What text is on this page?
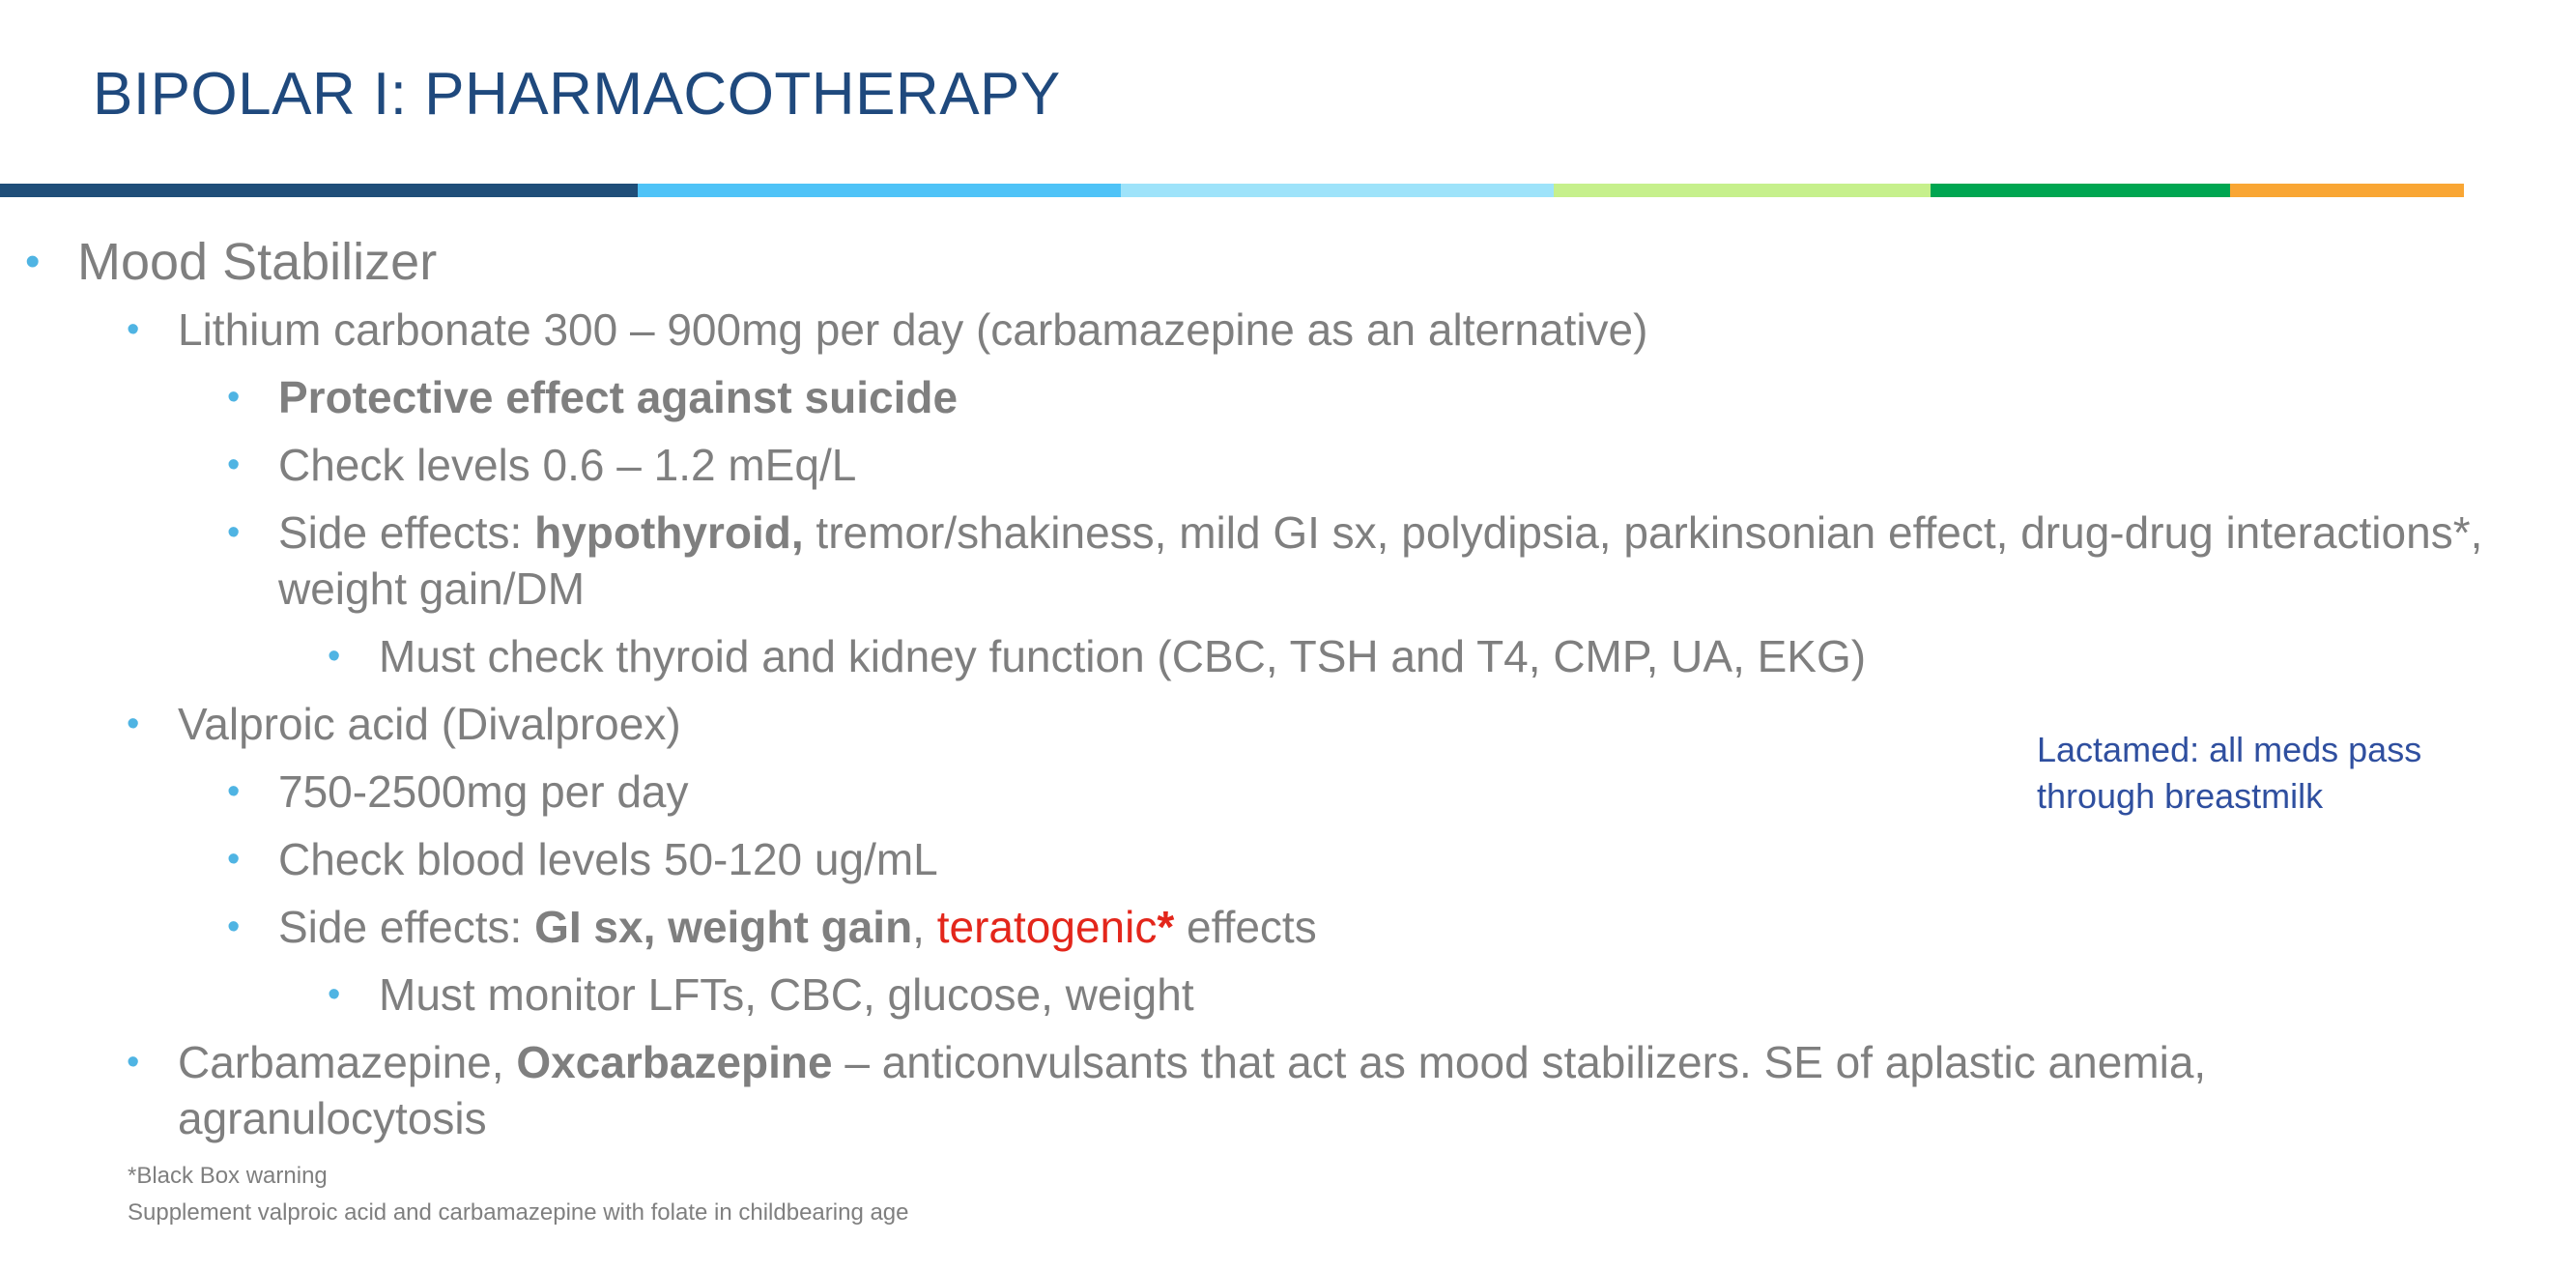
BIPOLAR I: PHARMACOTHERAPY
• Mood Stabilizer
• Lithium carbonate 300 – 900mg per day (carbamazepine as an alternative)
• Protective effect against suicide
• Check levels 0.6 – 1.2 mEq/L
• Side effects: hypothyroid, tremor/shakiness, mild GI sx, polydipsia, parkinsonian effect, drug-drug interactions*, weight gain/DM
• Must check thyroid and kidney function (CBC, TSH and T4, CMP, UA, EKG)
• Valproic acid (Divalproex)
• 750-2500mg per day
• Check blood levels 50-120 ug/mL
• Side effects: GI sx, weight gain, teratogenic* effects
• Must monitor LFTs, CBC, glucose, weight
• Carbamazepine, Oxcarbazepine – anticonvulsants that act as mood stabilizers. SE of aplastic anemia, agranulocytosis
Lactamed: all meds pass through breastmilk
*Black Box warning
Supplement valproic acid and carbamazepine with folate in childbearing age
